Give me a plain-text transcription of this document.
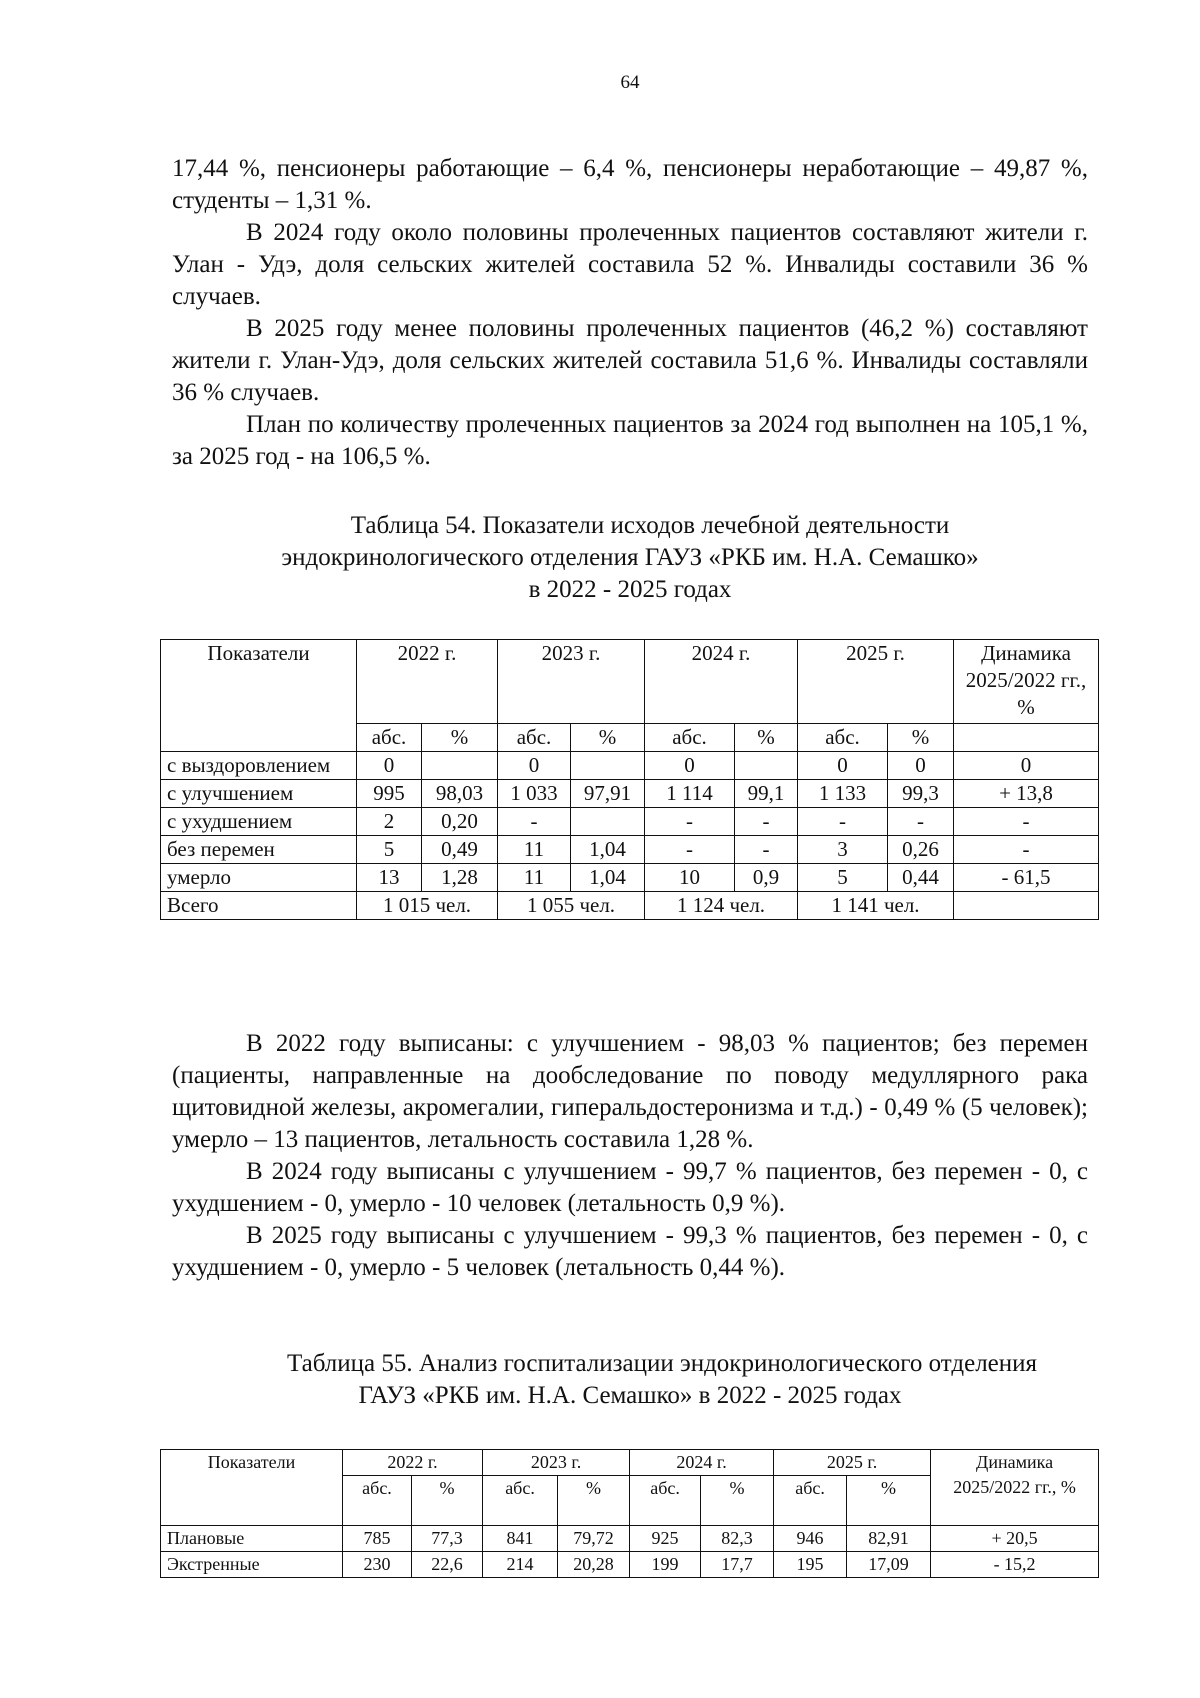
64

17,44 %, пенсионеры работающие – 6,4 %, пенсионеры неработающие – 49,87 %, студенты – 1,31 %.

В 2024 году около половины пролеченных пациентов составляют жители г. Улан - Удэ, доля сельских жителей составила 52 %. Инвалиды составили 36 % случаев.

В 2025 году менее половины пролеченных пациентов (46,2 %) составляют жители г. Улан-Удэ, доля сельских жителей составила 51,6 %. Инвалиды составляли 36 % случаев.

План по количеству пролеченных пациентов за 2024 год выполнен на 105,1 %, за 2025 год - на 106,5 %.

Таблица 54. Показатели исходов лечебной деятельности
эндокринологического отделения ГАУЗ «РКБ им. Н.А. Семашко»
в 2022 - 2025 годах
Показатели	2022 г.		2023 г.		2024 г.		2025 г.		Динамика 2025/2022 гг., %
	абс.	%	абс.	%	абс.	%	абс.	%	
с выздоровлением	0		0		0		0	0	0
с улучшением	995	98,03	1 033	97,91	1 114	99,1	1 133	99,3	+ 13,8
с ухудшением	2	0,20	-		-	-	-	-	-
без перемен	5	0,49	11	1,04	-	-	3	0,26	-
умерло	13	1,28	11	1,04	10	0,9	5	0,44	- 61,5
Всего	1 015 чел.		1 055 чел.		1 124 чел.		1 141 чел.		

В 2022 году выписаны: с улучшением - 98,03 % пациентов; без перемен (пациенты, направленные на дообследование по поводу медуллярного рака щитовидной железы, акромегалии, гиперальдостеронизма и т.д.) - 0,49 % (5 человек); умерло – 13 пациентов, летальность составила 1,28 %.

В 2024 году выписаны с улучшением - 99,7 % пациентов, без перемен - 0, с ухудшением - 0, умерло - 10 человек (летальность 0,9 %).

В 2025 году выписаны с улучшением - 99,3 % пациентов, без перемен - 0, с ухудшением - 0, умерло - 5 человек (летальность 0,44 %).

Таблица 55. Анализ госпитализации эндокринологического отделения
ГАУЗ «РКБ им. Н.А. Семашко» в 2022 - 2025 годах
Показатели	2022 г.		2023 г.		2024 г.		2025 г.		Динамика 2025/2022 гг., %
	абс.	%	абс.	%	абс.	%	абс.	%	
Плановые	785	77,3	841	79,72	925	82,3	946	82,91	+ 20,5
Экстренные	230	22,6	214	20,28	199	17,7	195	17,09	- 15,2
